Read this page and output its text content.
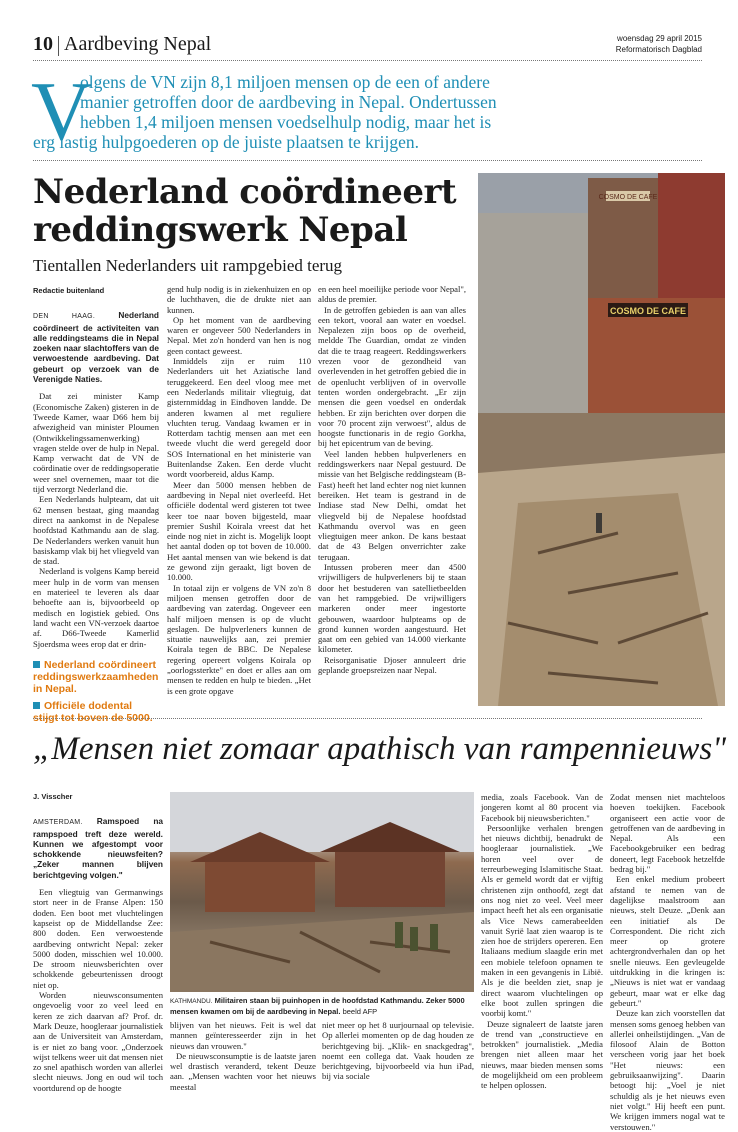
10 Aardbeving Nepal	woensdag 29 april 2015
Reformatorisch Dagblad
V
olgens de VN zijn 8,1 miljoen mensen op de een of andere
manier getroffen door de aardbeving in Nepal. Ondertussen
hebben 1,4 miljoen mensen voedselhulp nodig, maar het is
erg lastig hulpgoederen op de juiste plaatsen te krijgen.
Nederland coördineert reddingswerk Nepal
Tientallen Nederlanders uit rampgebied terug
Redactie buitenland

DEN HAAG.	Nederland coördineert de activiteiten van alle reddingsteams die in Nepal zoeken naar slachtoffers van de verwoestende aardbeving. Dat gebeurt op verzoek van de Verenigde Naties.

Dat zei minister Kamp (Economische Zaken) gisteren in de Tweede Kamer, waar D66 hem bij afwezigheid van minister Ploumen (Ontwikkelingssamenwerking) vragen stelde over de hulp in Nepal. Kamp verwacht dat de VN de coördinatie over de reddingsoperatie weer snel overnemen, maar tot die tijd verzorgt Nederland die.

Een Nederlands hulpteam, dat uit 62 mensen bestaat, ging maandag direct na aankomst in de Nepalese hoofdstad Kathmandu aan de slag. De Nederlanders werken vanuit hun basiskamp vlak bij het vliegveld van de stad.

Nederland is volgens Kamp bereid meer hulp in de vorm van mensen en materieel te leveren als daar behoefte aan is, bijvoorbeeld op medisch en logistiek gebied. Ons land wacht een VN-verzoek daartoe af. D66-Tweede Kamerlid Sjoerdsma wees erop dat er drin-

Nederland coördineert reddingswerkzaamheden in Nepal.
Officiële dodental stijgt tot boven de 5000.

gend hulp nodig is in ziekenhuizen en op de luchthaven, die de drukte niet aan kunnen.

Op het moment van de aardbeving waren er ongeveer 500 Nederlanders in Nepal. Met zo'n honderd van hen is nog geen contact geweest.

Inmiddels zijn er ruim 110 Nederlanders uit het Aziatische land teruggekeerd. Een deel vloog mee met een Nederlands militair vliegtuig, dat gisternmiddag in Eindhoven landde. De anderen kwamen al met reguliere vluchten terug. Vandaag kwamen er in Rotterdam tachtig mensen aan met een tweede vlucht die werd geregeld door SOS International en het ministerie van Buitenlandse Zaken. Een derde vlucht wordt voorbereid, aldus Kamp.

Meer dan 5000 mensen hebben de aardbeving in Nepal niet overleefd. Het officiële dodental werd gisteren tot twee keer toe naar boven bijgesteld, maar premier Sushil Koirala vreest dat het einde nog niet in zicht is. Mogelijk loopt het aantal doden op tot boven de 10.000. Het aantal mensen van wie bekend is dat ze gewond zijn geraakt, ligt boven de 10.000.

In totaal zijn er volgens de VN zo'n 8 miljoen mensen getroffen door de aardbeving van zaterdag. Ongeveer een half miljoen mensen is op de vlucht geslagen. De hulpverleners kunnen de situatie nauwelijks aan, zei premier Koirala tegen de BBC. De Nepalese regering opereert volgens Koirala op „oorlogssterkte" en doet er alles aan om mensen te redden en hulp te bieden. „Het is een grote opgave

en een heel moeilijke periode voor Nepal", aldus de premier.

In de getroffen gebieden is aan van alles een tekort, vooral aan water en voedsel. Nepalezen zijn boos op de overheid, meldde The Guardian, omdat ze vinden dat die te traag reageert. Reddingswerkers vrezen voor de gezondheid van overlevenden in het getroffen gebied die in de openlucht verblijven of in overvolle tenten worden ondergebracht. „Er zijn mensen die geen voedsel en onderdak hebben. Er zijn berichten over dorpen die voor 70 procent zijn verwoest", aldus de hoogste functionaris in de regio Gorkha, bij het epicentrum van de beving.

Veel landen hebben hulpverleners en reddingswerkers naar Nepal gestuurd. De missie van het Belgische reddingsteam (B-Fast) heeft het land echter nog niet kunnen bereiken. Het team is gestrand in de Indiase stad New Delhi, omdat het vliegveld bij de Nepalese hoofdstad Kathmandu overvol was en geen vliegtuigen meer ankon. De kans bestaat dat de 43 Belgen onverrichter zake terugaan.

Intussen proberen meer dan 4500 vrijwilligers de hulpverleners bij te staan door het bestuderen van satellietbeelden van het rampgebied. De vrijwilligers markeren onder meer ingestorte gebouwen, waardoor hulpteams op de grond kunnen worden aangestuurd. Het gaat om een gebied van 14.000 vierkante kilometer.

Reisorganisatie Djoser annuleert drie geplande groepsreizen naar Nepal.

COSMO DE CAFE
COSMO DE CAFE
„Mensen niet zomaar apathisch van rampennieuws"
J. Visscher

AMSTERDAM. Ramspoed na rampspoed treft deze wereld. Kunnen we afgestompt voor schokkende nieuwsfeiten? „Zeker mannen blijven berichtgeving volgen."

Een vliegtuig van Germanwings stort neer in de Franse Alpen: 150 doden. Een boot met vluchtelingen kapseist op de Middellandse Zee: 800 doden. Een verwoestende aardbeving ontwricht Nepal: zeker 5000 doden, misschien wel 10.000. De stroom nieuwsberichten over schokkende gebeurtenissen droogt niet op.

Worden nieuwsconsumenten ongevoelig voor zo veel leed en keren ze zich daarvan af? Prof. dr. Mark Deuze, hoogleraar journalistiek aan de Universiteit van Amsterdam, is er niet zo bang voor. „Onderzoek wijst telkens weer uit dat mensen niet zo snel apathisch worden van allerlei slecht nieuws. Jong en oud wil toch voortdurend op de hoogte

KATHMANDU. Militairen staan bij puinhopen in de hoofdstad Kathmandu. Zeker 5000 mensen kwamen om bij de aardbeving in Nepal. beeld AFP

blijven van het nieuws. Feit is wel dat mannen geïnteresseerder zijn in het nieuws dan vrouwen."

De nieuwsconsumptie is de laatste jaren wel drastisch veranderd, tekent Deuze aan. „Mensen wachten voor het nieuws meestal

niet meer op het 8 uurjournaal op televisie. Op allerlei momenten op de dag houden ze berichtgeving bij. „Klik- en snackgedrag", noemt een collega dat. Vaak houden ze berichtgeving, bijvoorbeeld via hun iPad, bij via sociale

media, zoals Facebook. Van de jongeren komt al 80 procent via Facebook bij nieuwsberichten."

Persoonlijke verhalen brengen het nieuws dichtbij, benadrukt de hoogleraar journalistiek. „We horen veel over de terreurbeweging Islamitische Staat. Als er gemeld wordt dat er vijftig christenen zijn onthoofd, zegt dat ons nog niet zo veel. Veel meer impact heeft het als een organisatie als Vice News camerabeelden vanuit Syrië laat zien waarop is te zien hoe de strijders opereren. Een Italiaans medium slaagde erin met een mobiele telefoon opnamen te maken in een gevangenis in Libië. Als je die beelden ziet, snap je direct waarom vluchtelingen op elke boot zullen springen die voorbij komt."

Deuze signaleert de laatste jaren de trend van „constructieve en betrokken" journalistiek. „Media brengen niet alleen maar het nieuws, maar bieden mensen soms de mogelijkheid om een probleem te helpen oplossen.

Zodat mensen niet machteloos hoeven toekijken. Facebook organiseert een actie voor de getroffenen van de aardbeving in Nepal. Als een Facebookgebruiker een bedrag doneert, legt Facebook hetzelfde bedrag bij."

Een enkel medium probeert afstand te nemen van de dagelijkse maalstroom aan nieuws, stelt Deuze. „Denk aan een initiatief als De Correspondent. Die richt zich meer op grotere achtergrondverhalen dan op het snelle nieuws. Een gevleugelde uitdrukking in die kringen is: „Nieuws is niet wat er vandaag gebeurt, maar wat er elke dag gebeurt."

Deuze kan zich voorstellen dat mensen soms genoeg hebben van allerlei onheilstijdingen. „Van de filosoof Alain de Botton verscheen vorig jaar het boek "Het nieuws: een gebruiksaanwijzing". Daarin betoogt hij: „Voel je niet schuldig als je het nieuws even niet volgt." Hij heeft een punt. We krijgen immers nogal wat te verstouwen."
